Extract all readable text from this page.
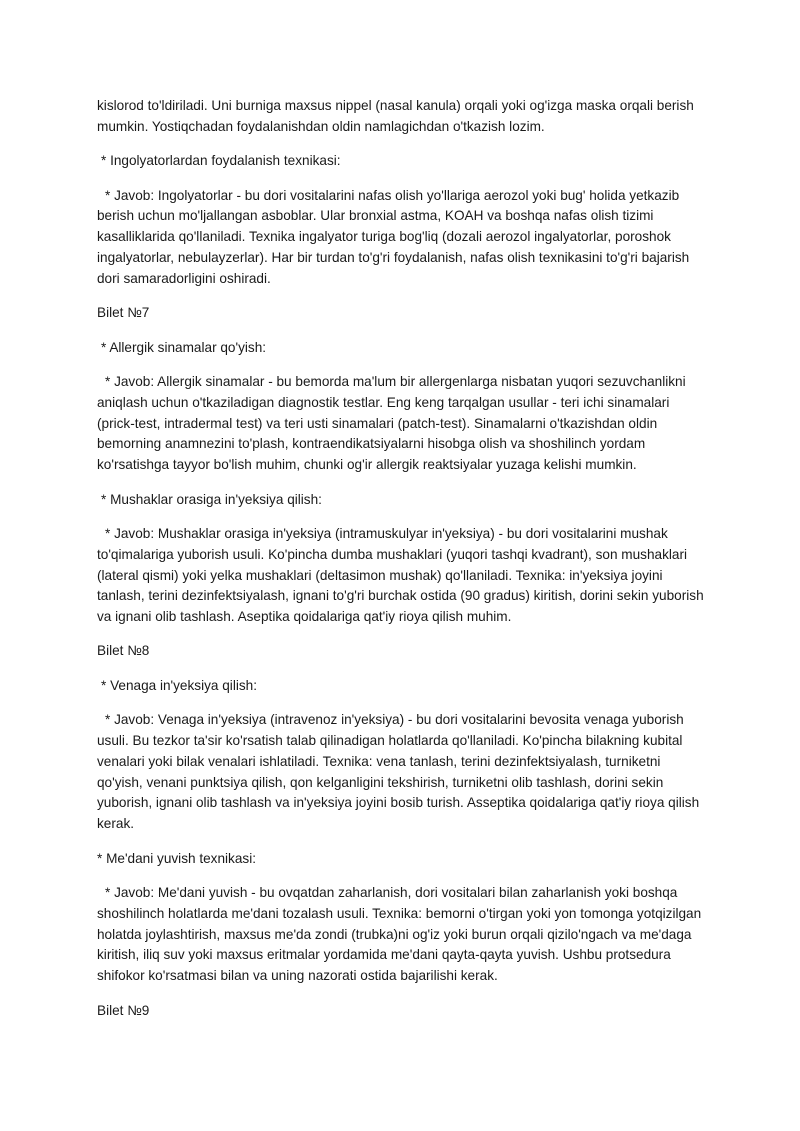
kislorod to'ldiriladi. Uni burniga maxsus nippel (nasal kanula) orqali yoki og'izga maska orqali berish mumkin. Yostiqchadan foydalanishdan oldin namlagichdan o'tkazish lozim.

* Ingolyatorlardan foydalanish texnikasi:

* Javob: Ingolyatorlar - bu dori vositalarini nafas olish yo'llariga aerozol yoki bug' holida yetkazib berish uchun mo'ljallangan asboblar. Ular bronxial astma, KOAH va boshqa nafas olish tizimi kasalliklarida qo'llaniladi. Texnika ingalyator turiga bog'liq (dozali aerozol ingalyatorlar, poroshok ingalyatorlar, nebulayzerlar). Har bir turdan to'g'ri foydalanish, nafas olish texnikasini to'g'ri bajarish dori samaradorligini oshiradi.

Bilet №7

* Allergik sinamalar qo'yish:

* Javob: Allergik sinamalar - bu bemorda ma'lum bir allergenlarga nisbatan yuqori sezuvchanlikni aniqlash uchun o'tkaziladigan diagnostik testlar. Eng keng tarqalgan usullar - teri ichi sinamalari (prick-test, intradermal test) va teri usti sinamalari (patch-test). Sinamalarni o'tkazishdan oldin bemorning anamnezini to'plash, kontraendikatsiyalarni hisobga olish va shoshilinch yordam ko'rsatishga tayyor bo'lish muhim, chunki og'ir allergik reaktsiyalar yuzaga kelishi mumkin.

* Mushaklar orasiga in'yeksiya qilish:

* Javob: Mushaklar orasiga in'yeksiya (intramuskulyar in'yeksiya) - bu dori vositalarini mushak to'qimalariga yuborish usuli. Ko'pincha dumba mushaklari (yuqori tashqi kvadrant), son mushaklari (lateral qismi) yoki yelka mushaklari (deltasimon mushak) qo'llaniladi. Texnika: in'yeksiya joyini tanlash, terini dezinfektsiyalash, ignani to'g'ri burchak ostida (90 gradus) kiritish, dorini sekin yuborish va ignani olib tashlash. Aseptika qoidalariga qat'iy rioya qilish muhim.

Bilet №8

* Venaga in'yeksiya qilish:

* Javob: Venaga in'yeksiya (intravenoz in'yeksiya) - bu dori vositalarini bevosita venaga yuborish usuli. Bu tezkor ta'sir ko'rsatish talab qilinadigan holatlarda qo'llaniladi. Ko'pincha bilakning kubital venalari yoki bilak venalari ishlatiladi. Texnika: vena tanlash, terini dezinfektsiyalash, turniketni qo'yish, venani punktsiya qilish, qon kelganligini tekshirish, turniketni olib tashlash, dorini sekin yuborish, ignani olib tashlash va in'yeksiya joyini bosib turish. Asseptika qoidalariga qat'iy rioya qilish kerak.

* Me'dani yuvish texnikasi:

* Javob: Me'dani yuvish - bu ovqatdan zaharlanish, dori vositalari bilan zaharlanish yoki boshqa shoshilinch holatlarda me'dani tozalash usuli. Texnika: bemorni o'tirgan yoki yon tomonga yotqizilgan holatda joylashtirish, maxsus me'da zondi (trubka)ni og'iz yoki burun orqali qizilo'ngach va me'daga kiritish, iliq suv yoki maxsus eritmalar yordamida me'dani qayta-qayta yuvish. Ushbu protsedura shifokor ko'rsatmasi bilan va uning nazorati ostida bajarilishi kerak.

Bilet №9
